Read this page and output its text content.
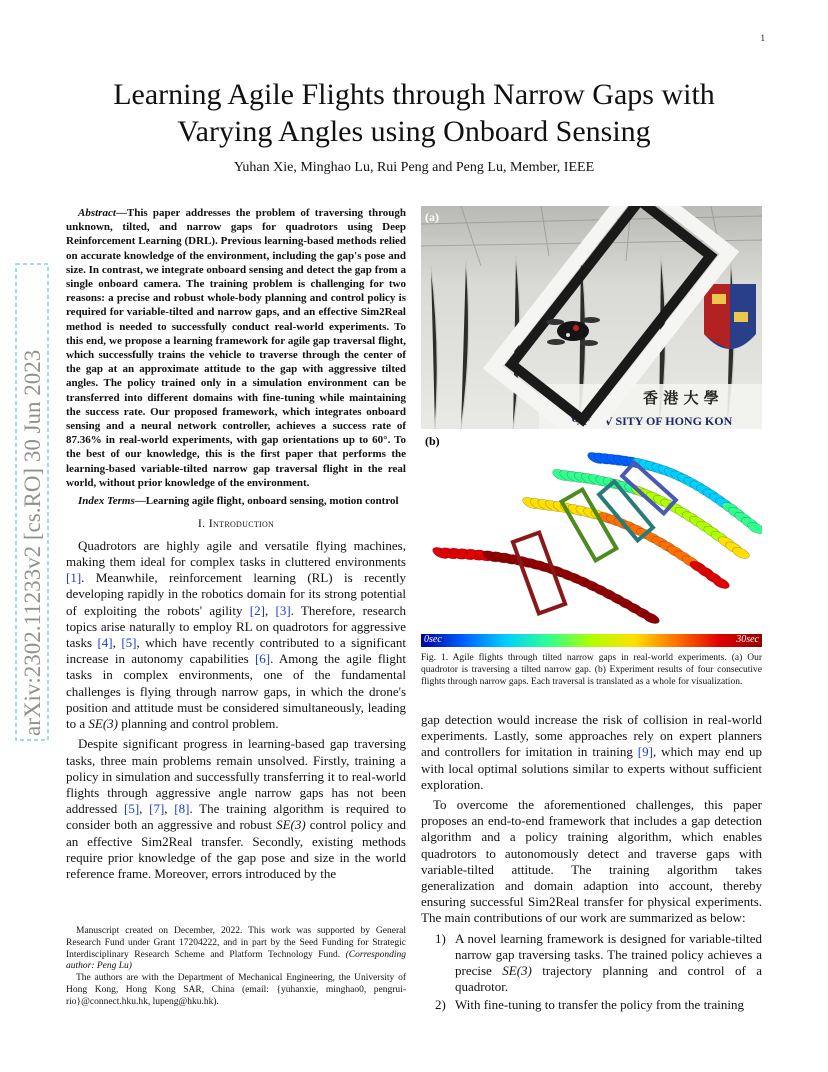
1
arXiv:2302.11233v2 [cs.RO] 30 Jun 2023
Learning Agile Flights through Narrow Gaps with
Varying Angles using Onboard Sensing
Yuhan Xie, Minghao Lu, Rui Peng and Peng Lu, Member, IEEE

Abstract—This paper addresses the problem of traversing through unknown, tilted, and narrow gaps for quadrotors using Deep Reinforcement Learning (DRL). Previous learning-based methods relied on accurate knowledge of the environment, including the gap's pose and size. In contrast, we integrate onboard sensing and detect the gap from a single onboard camera. The training problem is challenging for two reasons: a precise and robust whole-body planning and control policy is required for variable-tilted and narrow gaps, and an effective Sim2Real method is needed to successfully conduct real-world experiments. To this end, we propose a learning framework for agile gap traversal flight, which successfully trains the vehicle to traverse through the center of the gap at an approximate attitude to the gap with aggressive tilted angles. The policy trained only in a simulation environment can be transferred into different domains with fine-tuning while maintaining the success rate. Our proposed framework, which integrates onboard sensing and a neural network controller, achieves a success rate of 87.36% in real-world experiments, with gap orientations up to 60°. To the best of our knowledge, this is the first paper that performs the learning-based variable-tilted narrow gap traversal flight in the real world, without prior knowledge of the environment.

Index Terms—Learning agile flight, onboard sensing, motion control

I. Introduction

Quadrotors are highly agile and versatile flying machines, making them ideal for complex tasks in cluttered environments [1]. Meanwhile, reinforcement learning (RL) is recently developing rapidly in the robotics domain for its strong potential of exploiting the robots' agility [2], [3]. Therefore, research topics arise naturally to employ RL on quadrotors for aggressive tasks [4], [5], which have recently contributed to a significant increase in autonomy capabilities [6]. Among the agile flight tasks in complex environments, one of the fundamental challenges is flying through narrow gaps, in which the drone's position and attitude must be considered simultaneously, leading to a SE(3) planning and control problem.

Despite significant progress in learning-based gap traversing tasks, three main problems remain unsolved. Firstly, training a policy in simulation and successfully transferring it to real-world flights through aggressive angle narrow gaps has not been addressed [5], [7], [8]. The training algorithm is required to consider both an aggressive and robust SE(3) control policy and an effective Sim2Real transfer. Secondly, existing methods require prior knowledge of the gap pose and size in the world reference frame. Moreover, errors introduced by the

Manuscript created on December, 2022. This work was supported by General Research Fund under Grant 17204222, and in part by the Seed Funding for Strategic Interdisciplinary Research Scheme and Platform Technology Fund. (Corresponding author: Peng Lu)

The authors are with the Department of Mechanical Engineering, the University of Hong Kong, Hong Kong SAR, China (email: {yuhanxie, minghao0, pengrui-rio}@connect.hku.hk, lupeng@hku.hk).

香 港 大 學
E UNIV SITY OF HONG KON
(a)
(b)
0sec	30sec
Fig. 1. Agile flights through tilted narrow gaps in real-world experiments. (a) Our quadrotor is traversing a tilted narrow gap. (b) Experiment results of four consecutive flights through narrow gaps. Each traversal is translated as a whole for visualization.

gap detection would increase the risk of collision in real-world experiments. Lastly, some approaches rely on expert planners and controllers for imitation in training [9], which may end up with local optimal solutions similar to experts without sufficient exploration.

To overcome the aforementioned challenges, this paper proposes an end-to-end framework that includes a gap detection algorithm and a policy training algorithm, which enables quadrotors to autonomously detect and traverse gaps with variable-tilted attitude. The training algorithm takes generalization and domain adaption into account, thereby ensuring successful Sim2Real transfer for physical experiments. The main contributions of our work are summarized as below:

1) A novel learning framework is designed for variable-tilted narrow gap traversing tasks. The trained policy achieves a precise SE(3) trajectory planning and control of a quadrotor.
2) With fine-tuning to transfer the policy from the training
